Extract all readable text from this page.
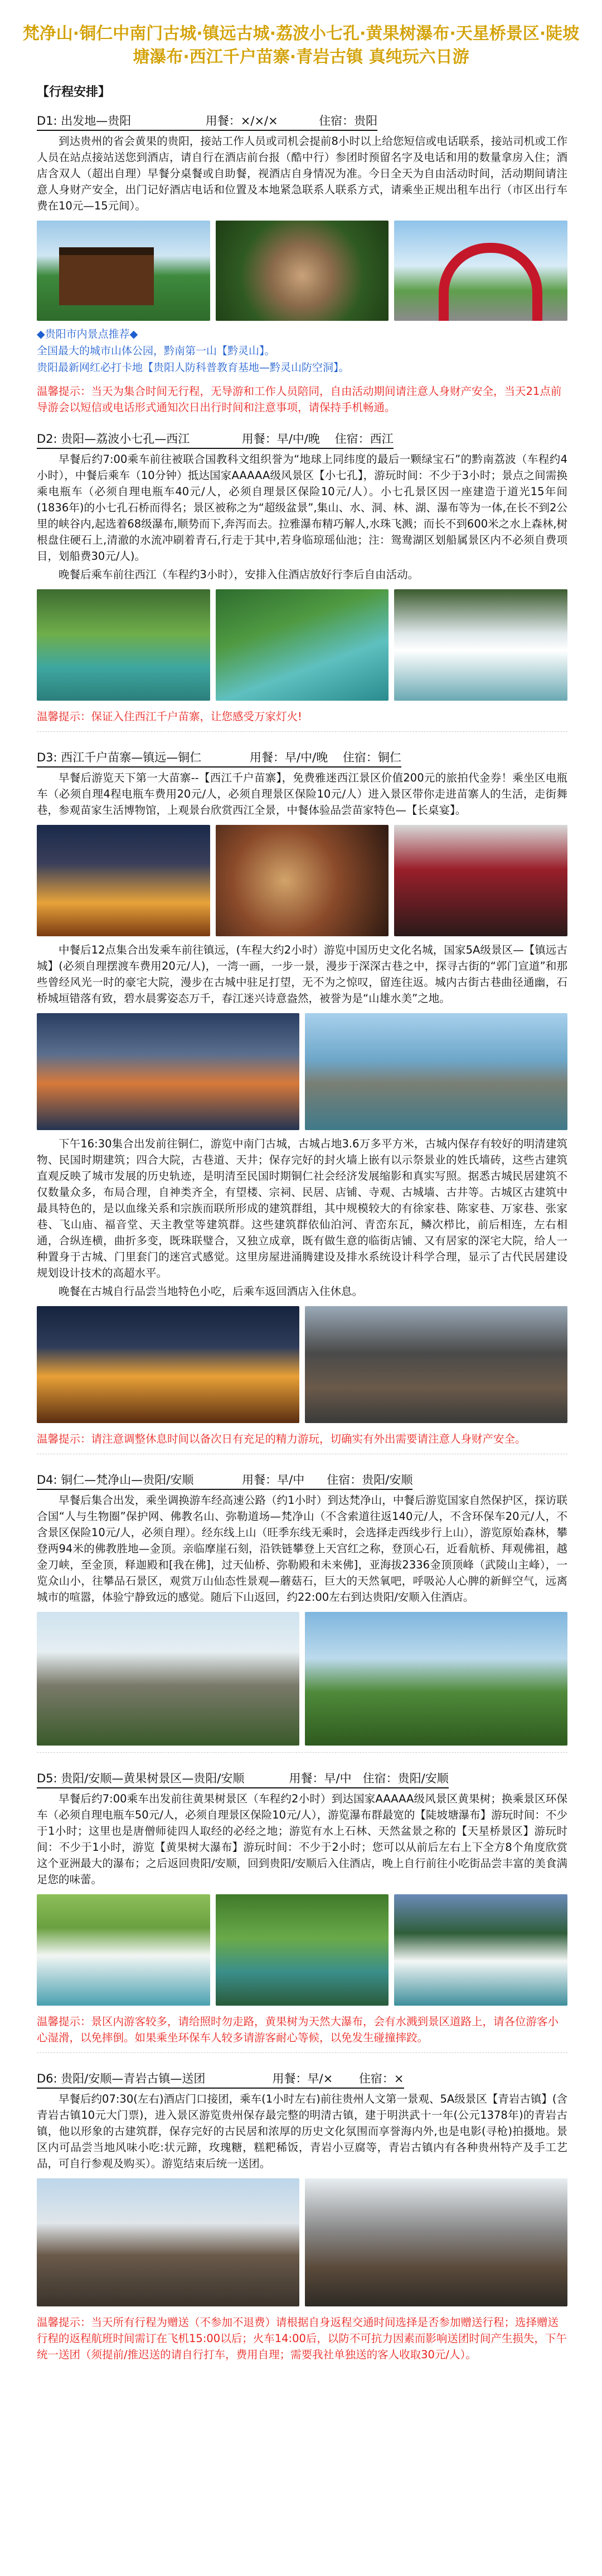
梵净山·铜仁中南门古城·镇远古城·荔波小七孔·黄果树瀑布·天星桥景区·陡坡塘瀑布·西江千户苗寨·青岩古镇 真纯玩六日游
【行程安排】
D1: 出发地—贵阳                    用餐：×/×/×           住宿：贵阳
到达贵州的省会黄果的贵阳，接站工作人员或司机会提前8小时以上给您短信或电话联系，接站司机或工作人员在站点接站送您到酒店，请自行在酒店前台报（酷中行）参团时预留名字及电话和用的数量拿房入住；酒店含双人（超出自理）早餐分桌餐或自助餐，视酒店自身情况为准。今日全天为自由活动时间，活动期间请注意人身财产安全，出门记好酒店电话和位置及本地紧急联系人联系方式，请乘坐正规出租车出行（市区出行车费在10元—15元间）。
◆贵阳市内景点推荐◆
全国最大的城市山体公园，黔南第一山【黔灵山】。
贵阳最新网红必打卡地【贵阳人防科普教育基地—黔灵山防空洞】。
温馨提示：当天为集合时间无行程，无导游和工作人员陪同，自由活动期间请注意人身财产安全，当天21点前导游会以短信或电话形式通知次日出行时间和注意事项，请保持手机畅通。
D2: 贵阳—荔波小七孔—西江              用餐：早/中/晚    住宿：西江
早餐后约7:00乘车前往被联合国教科文组织誉为“地球上同纬度的最后一颗绿宝石”的黔南荔波（车程约4小时），中餐后乘车（10分钟）抵达国家AAAAA级风景区【小七孔】，游玩时间：不少于3小时；景点之间需换乘电瓶车（必须自理电瓶车40元/人，必须自理景区保险10元/人）。小七孔景区因一座建造于道光15年间(1836年)的小七孔石桥而得名；景区被称之为“超级盆景”,集山、水、洞、林、湖、瀑布等为一体,在长不到2公里的峡谷内,起选着68级瀑布,顺势而下,奔泻而去。拉雅瀑布精巧解人,水珠飞溅；而长不到600米之水上森林,树根盘住硬石上,清澈的水流冲刷着青石,行走于其中,若身临琼瑶仙池；注：鸳鸯湖区划船属景区内不必须自费项目，划船费30元/人)。
晚餐后乘车前往西江（车程约3小时），安排入住酒店放好行李后自由活动。
温馨提示：保证入住西江千户苗寨，让您感受万家灯火!
D3: 西江千户苗寨—镇远—铜仁             用餐：早/中/晚    住宿：铜仁
早餐后游览天下第一大苗寨--【西江千户苗寨】，免费雅迷西江景区价值200元的旅拍代金券！乘坐区电瓶车（必须自理4程电瓶车费用20元/人，必须自理景区保险10元/人）进入景区带你走进苗寨人的生活，走街舞巷，参观苗家生活博物馆，上观景台欣赏西江全景，中餐体验品尝苗家特色—【长桌宴】。
中餐后12点集合出发乘车前往镇远，(车程大约2小时）游览中国历史文化名城，国家5A级景区—【镇远古城】(必须自理摆渡车费用20元/人)，一湾一画，一步一景，漫步于深深古巷之中，探寻古街的“郭门宣道”和那些曾经风光一时的豪宅大院，漫步在古城中驻足打望，无不为之惊叹，留连往返。城内古街古巷曲径通幽，石桥城垣错落有致，碧水晨雾姿态万千，春江迷兴诗意盎然，被誉为是“山雄水美”之地。
下午16:30集合出发前往铜仁，游览中南门古城，古城占地3.6万多平方米，古城内保存有较好的明清建筑物、民国时期建筑；四合大院，古巷道、天井；保存完好的封火墙上嵌有以示祭景业的姓氏墙砖，这些古建筑直观反映了城市发展的历史轨迹，是明清至民国时期铜仁社会经济发展缩影和真实写照。据悉古城民居建筑不仅数量众多，布局合理，自神类齐全，有望楼、宗祠、民居、店铺、寺观、古城墙、古井等。古城区古建筑中最具特色的，是以血缘关系和宗族而联所形成的建筑群组，其中规模较大的有徐家巷、陈家巷、万家巷、张家巷、飞山庙、福音堂、天主教堂等建筑群。这些建筑群依仙泊河、青峦东瓦，鳞次栉比，前后相连，左右相通，合纵连横，曲折多变，既珠联璧合，又独立成章，既有做生意的临街店铺、又有居家的深宅大院，给人一种置身于古城、门里套门的迷宫式感觉。这里房屋进涌腾建设及排水系统设计科学合理，显示了古代民居建设规划设计技术的高超水平。
晚餐在古城自行品尝当地特色小吃，后乘车返回酒店入住休息。
温馨提示：请注意调整休息时间以备次日有充足的精力游玩，切确实有外出需要请注意人身财产安全。
D4: 铜仁—梵净山—贵阳/安顺             用餐：早/中      住宿：贵阳/安顺
早餐后集合出发，乘坐调换游车经高速公路（约1小时）到达梵净山，中餐后游览国家自然保护区，探访联合国“人与生物圈”保护网、佛教名山、弥勒道场—梵净山（不含索道往返140元/人，不含环保车20元/人，不含景区保险10元/人，必须自理）。经东线上山（旺季东线无乘时，会选择走西线步行上山），游览原始森林，攀登两94米的佛教胜地—金顶。亲临摩崖石刻，沿铁链攀登上天宫红之称，登顶心石，近看航桥、拜观佛祖，越金刀峡，至金顶，释迦殿和[我在佛]，过天仙桥、弥勒殿和未来佛]，亚海拔2336金顶顶峰（武陵山主峰），一览众山小，往攀品石景区，观赏万山仙态性景观—蘑菇石，巨大的天然氧吧，呼吸沁人心脾的新鲜空气，远离城市的喧嚣，体验宁静致远的感觉。随后下山返回，约22:00左右到达贵阳/安顺入住酒店。
D5: 贵阳/安顺—黄果树景区—贵阳/安顺            用餐：早/中   住宿：贵阳/安顺
早餐后约7:00乘车出发前往黄果树景区（车程约2小时）到达国家AAAAA级风景区黄果树；换乘景区环保车（必须自理电瓶车50元/人，必须自理景区保险10元/人），游览瀑布群最宽的【陡坡塘瀑布】游玩时间：不少于1小时；这里也是唐僧师徒四人取经的必经之地；游览有水上石林、天然盆景之称的【天星桥景区】游玩时间：不少于1小时，游览【黄果树大瀑布】游玩时间：不少于2小时；您可以从前后左右上下全方8个角度欣赏这个亚洲最大的瀑布；之后返回贵阳/安顺，回到贵阳/安顺后入住酒店，晚上自行前往小吃街品尝丰富的美食满足您的味蕾。
温馨提示：景区内游客较多，请给照时勿走路，黄果树为天然大瀑布，会有水溅到景区道路上，请各位游客小心湿滑，以免摔倒。如果乘坐环保车人较多请游客耐心等候，以免发生碰撞摔跤。
D6: 贵阳/安顺—青岩古镇—送团                  用餐：早/×       住宿：×
早餐后约07:30(左右)酒店门口接团，乘车(1小时左右)前往贵州人文第一景观、5A级景区【青岩古镇】(含青岩古镇10元大门票)，进入景区游览贵州保存最完整的明清古镇，建于明洪武十一年(公元1378年)的青岩古镇，他以形象的古建筑群，保存完好的古民居和浓厚的历史文化氛围而享誉海内外,也是电影(寻枪)拍摄地。景区内可品尝当地风味小吃:状元蹄，玫瑰糖，糕粑稀饭，青岩小豆腐等，青岩古镇内有各种贵州特产及手工艺品，可自行参观及购买）。游览结束后统一送团。
温馨提示：当天所有行程为赠送（不参加不退费）请根据自身返程交通时间选择是否参加赠送行程；选择赠送行程的返程航班时间需订在飞机15:00以后；火车14:00后，以防不可抗力因素而影响送团时间产生损失，下午统一送团（须提前/推迟送的请自行打车，费用自理；需要我社单独送的客人收取30元/人）。
